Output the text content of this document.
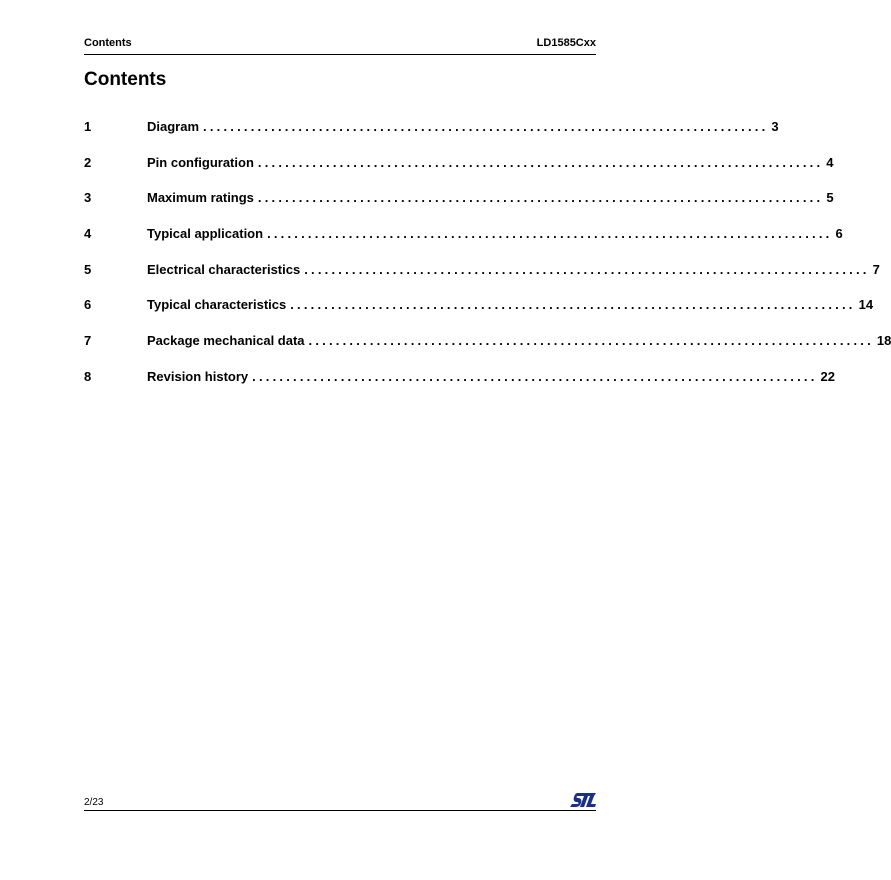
Contents	LD1585Cxx
Contents
1	Diagram ................................................................................... 3
2	Pin configuration ................................................................................... 4
3	Maximum ratings ................................................................................... 5
4	Typical application ................................................................................... 6
5	Electrical characteristics ................................................................................... 7
6	Typical characteristics ................................................................................... 14
7	Package mechanical data ................................................................................... 18
8	Revision history ................................................................................... 22
2/23
